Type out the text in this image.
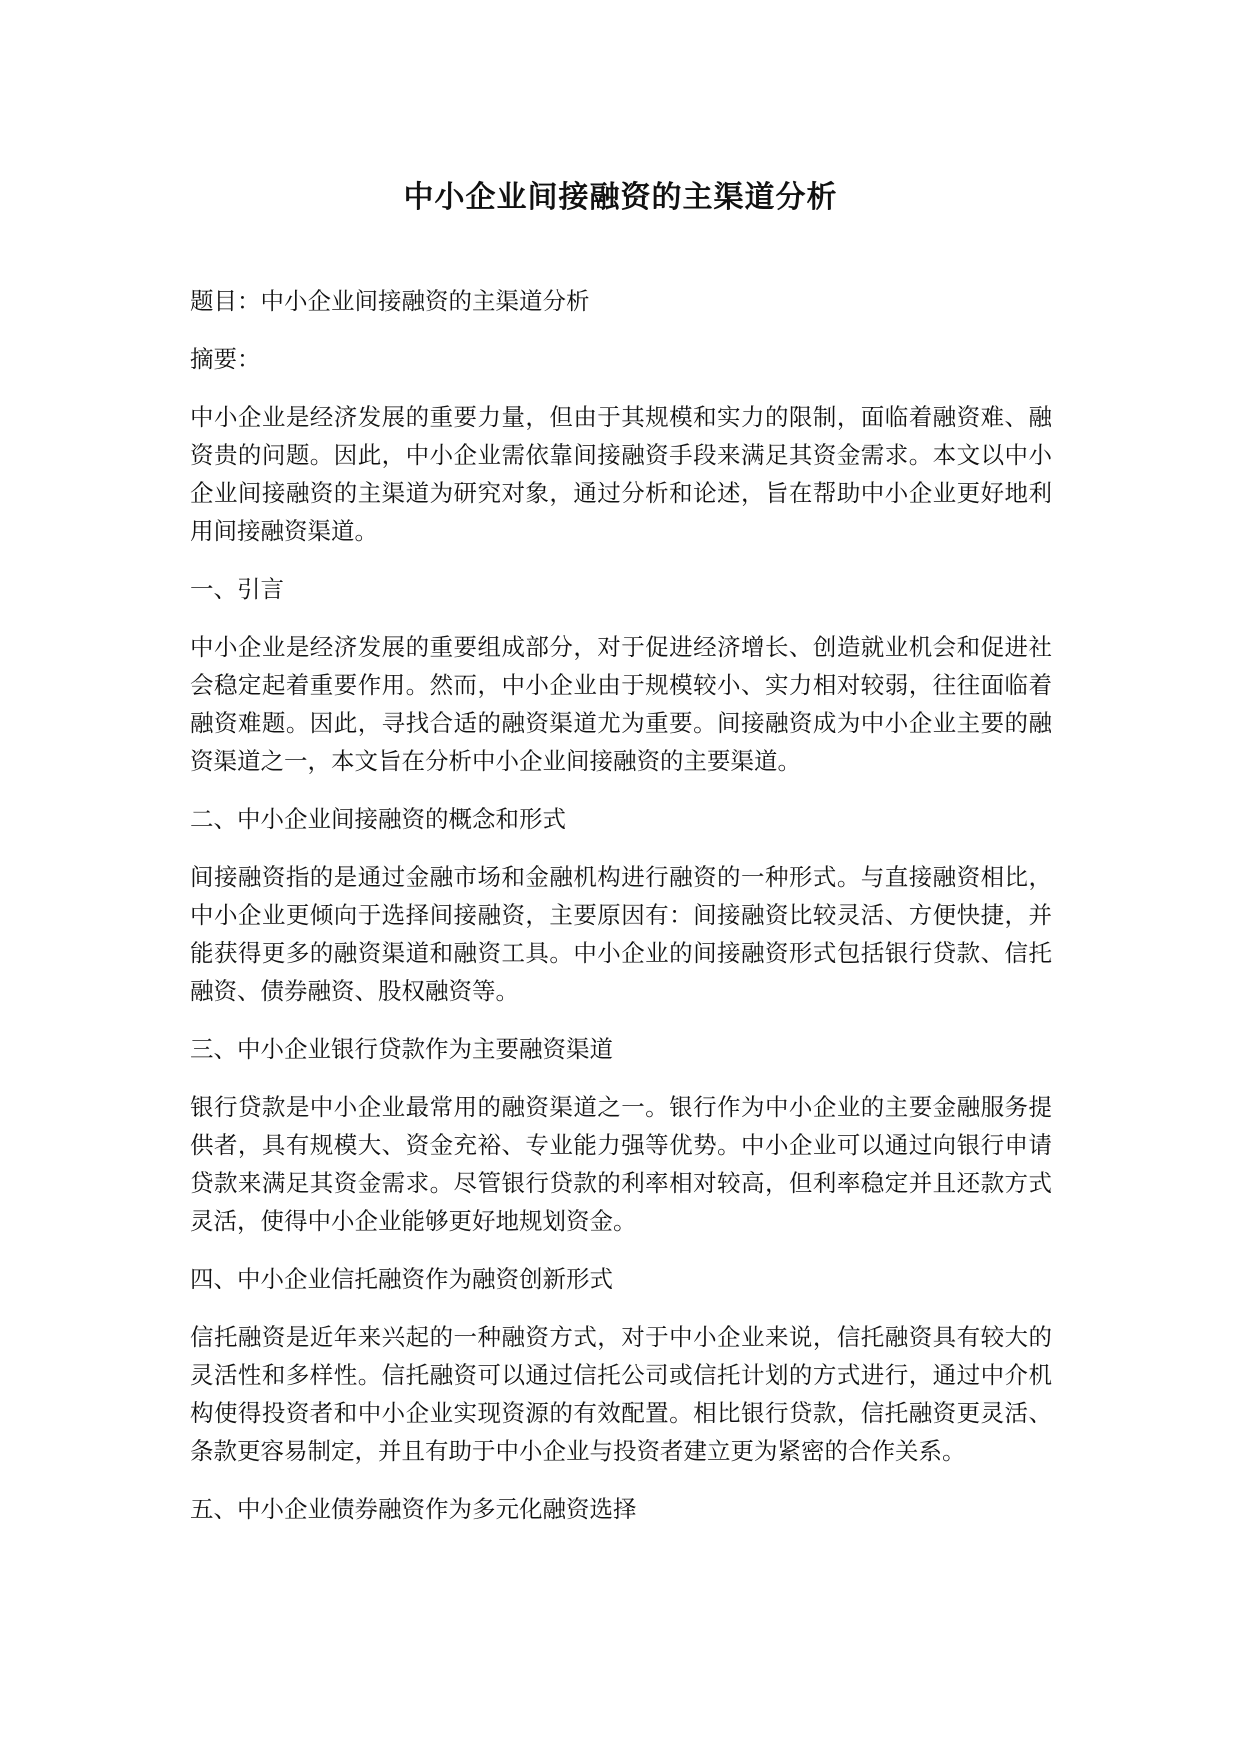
中小企业间接融资的主渠道分析

题目：中小企业间接融资的主渠道分析

摘要：

中小企业是经济发展的重要力量，但由于其规模和实力的限制，面临着融资难、融资贵的问题。因此，中小企业需依靠间接融资手段来满足其资金需求。本文以中小企业间接融资的主渠道为研究对象，通过分析和论述，旨在帮助中小企业更好地利用间接融资渠道。

一、引言

中小企业是经济发展的重要组成部分，对于促进经济增长、创造就业机会和促进社会稳定起着重要作用。然而，中小企业由于规模较小、实力相对较弱，往往面临着融资难题。因此，寻找合适的融资渠道尤为重要。间接融资成为中小企业主要的融资渠道之一，本文旨在分析中小企业间接融资的主要渠道。

二、中小企业间接融资的概念和形式

间接融资指的是通过金融市场和金融机构进行融资的一种形式。与直接融资相比，中小企业更倾向于选择间接融资，主要原因有：间接融资比较灵活、方便快捷，并能获得更多的融资渠道和融资工具。中小企业的间接融资形式包括银行贷款、信托融资、债券融资、股权融资等。

三、中小企业银行贷款作为主要融资渠道

银行贷款是中小企业最常用的融资渠道之一。银行作为中小企业的主要金融服务提供者，具有规模大、资金充裕、专业能力强等优势。中小企业可以通过向银行申请贷款来满足其资金需求。尽管银行贷款的利率相对较高，但利率稳定并且还款方式灵活，使得中小企业能够更好地规划资金。

四、中小企业信托融资作为融资创新形式

信托融资是近年来兴起的一种融资方式，对于中小企业来说，信托融资具有较大的灵活性和多样性。信托融资可以通过信托公司或信托计划的方式进行，通过中介机构使得投资者和中小企业实现资源的有效配置。相比银行贷款，信托融资更灵活、条款更容易制定，并且有助于中小企业与投资者建立更为紧密的合作关系。

五、中小企业债券融资作为多元化融资选择
